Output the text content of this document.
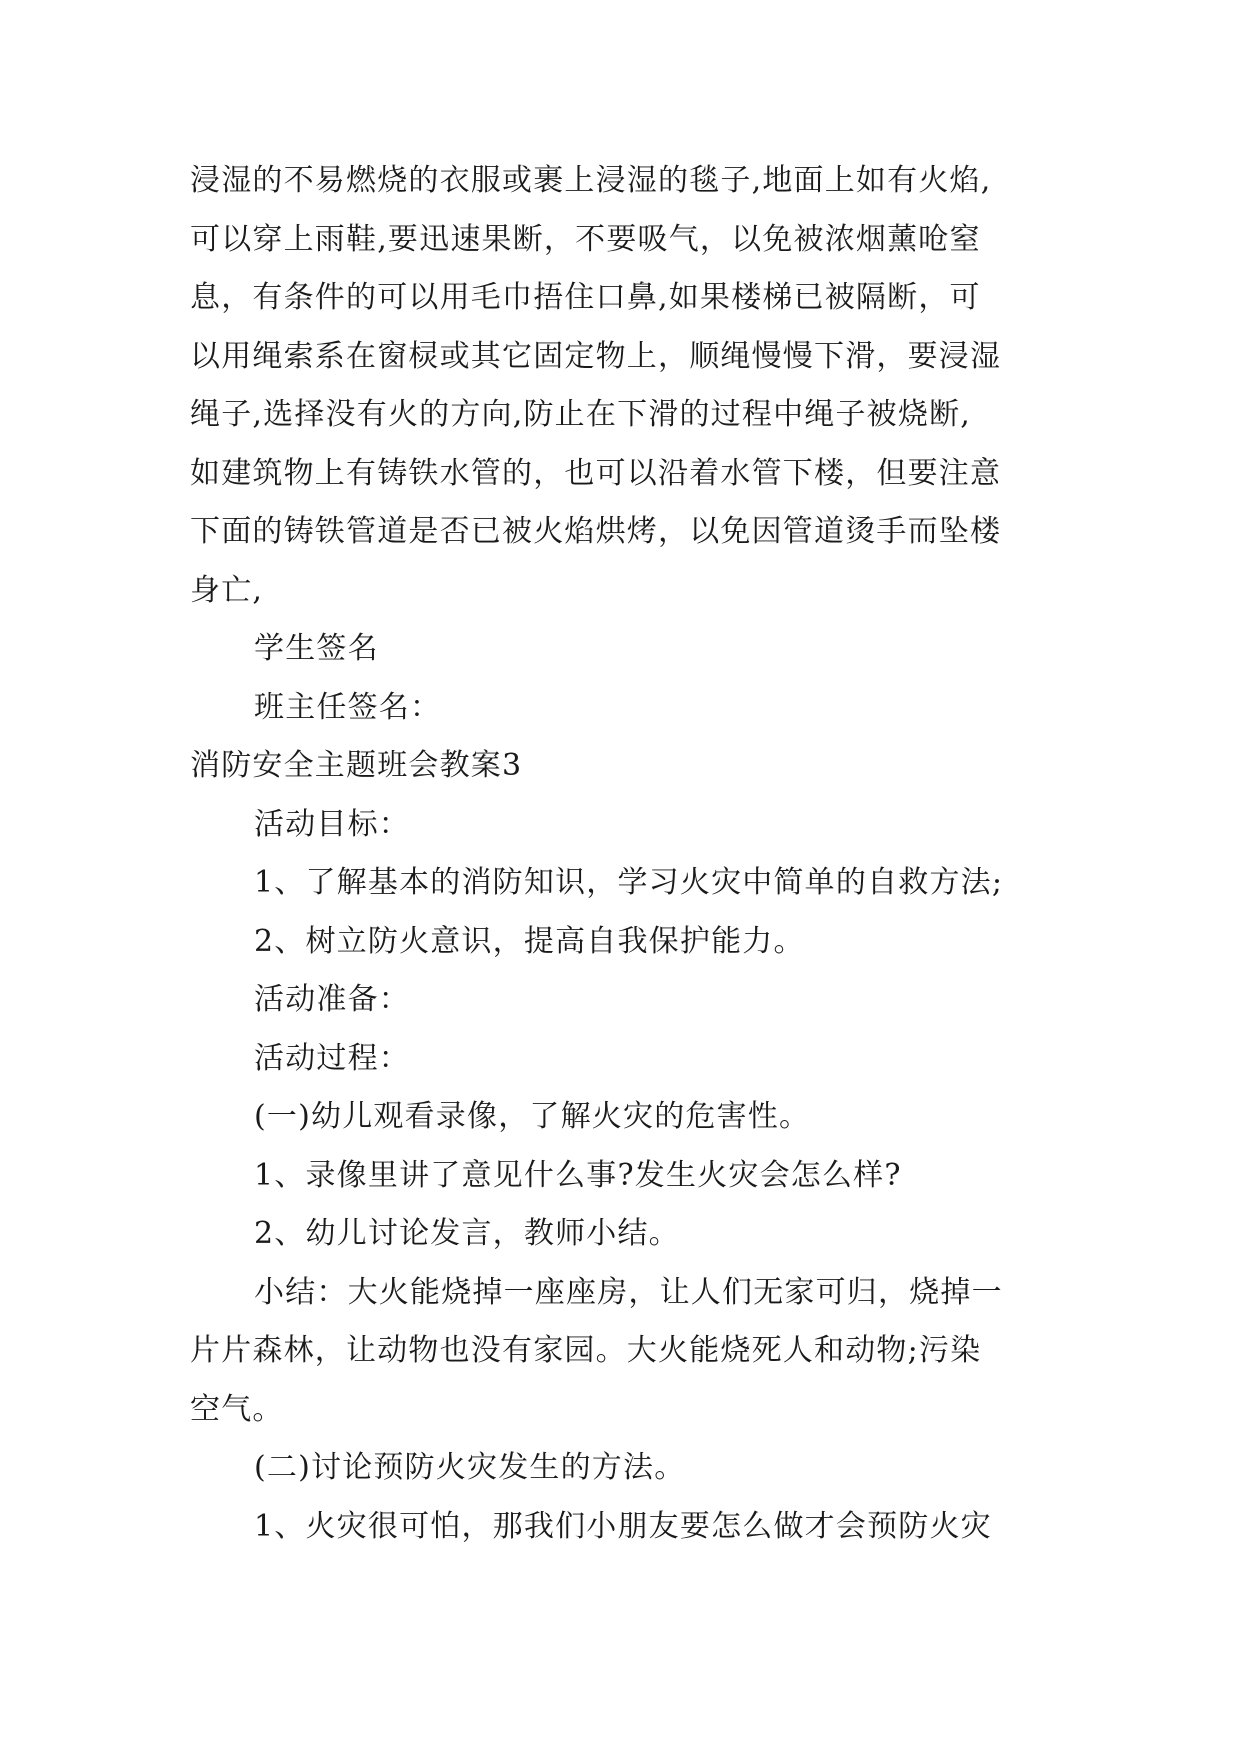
浸湿的不易燃烧的衣服或裹上浸湿的毯子,地面上如有火焰,
可以穿上雨鞋,要迅速果断，不要吸气，以免被浓烟薰呛窒
息，有条件的可以用毛巾捂住口鼻,如果楼梯已被隔断，可
以用绳索系在窗棂或其它固定物上，顺绳慢慢下滑，要浸湿
绳子,选择没有火的方向,防止在下滑的过程中绳子被烧断,
如建筑物上有铸铁水管的，也可以沿着水管下楼，但要注意
下面的铸铁管道是否已被火焰烘烤，以免因管道烫手而坠楼
身亡,
学生签名
班主任签名：
消防安全主题班会教案3
活动目标：
1、了解基本的消防知识，学习火灾中简单的自救方法;
2、树立防火意识，提高自我保护能力。
活动准备：
活动过程：
(一)幼儿观看录像，了解火灾的危害性。
1、录像里讲了意见什么事?发生火灾会怎么样?
2、幼儿讨论发言，教师小结。
小结：大火能烧掉一座座房，让人们无家可归，烧掉一
片片森林，让动物也没有家园。大火能烧死人和动物;污染
空气。
(二)讨论预防火灾发生的方法。
1、火灾很可怕，那我们小朋友要怎么做才会预防火灾
